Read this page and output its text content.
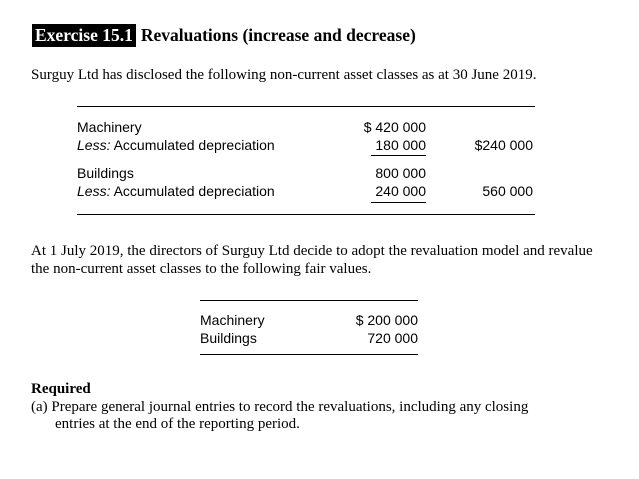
Exercise 15.1 Revaluations (increase and decrease)
Surguy Ltd has disclosed the following non-current asset classes as at 30 June 2019.
Machinery	$ 420 000
Less: Accumulated depreciation	180 000	$240 000
Buildings	800 000
Less: Accumulated depreciation	240 000	560 000
At 1 July 2019, the directors of Surguy Ltd decide to adopt the revaluation model and revalue the non-current asset classes to the following fair values.
Machinery	$ 200 000
Buildings	720 000
Required
(a) Prepare general journal entries to record the revaluations, including any closing
entries at the end of the reporting period.
